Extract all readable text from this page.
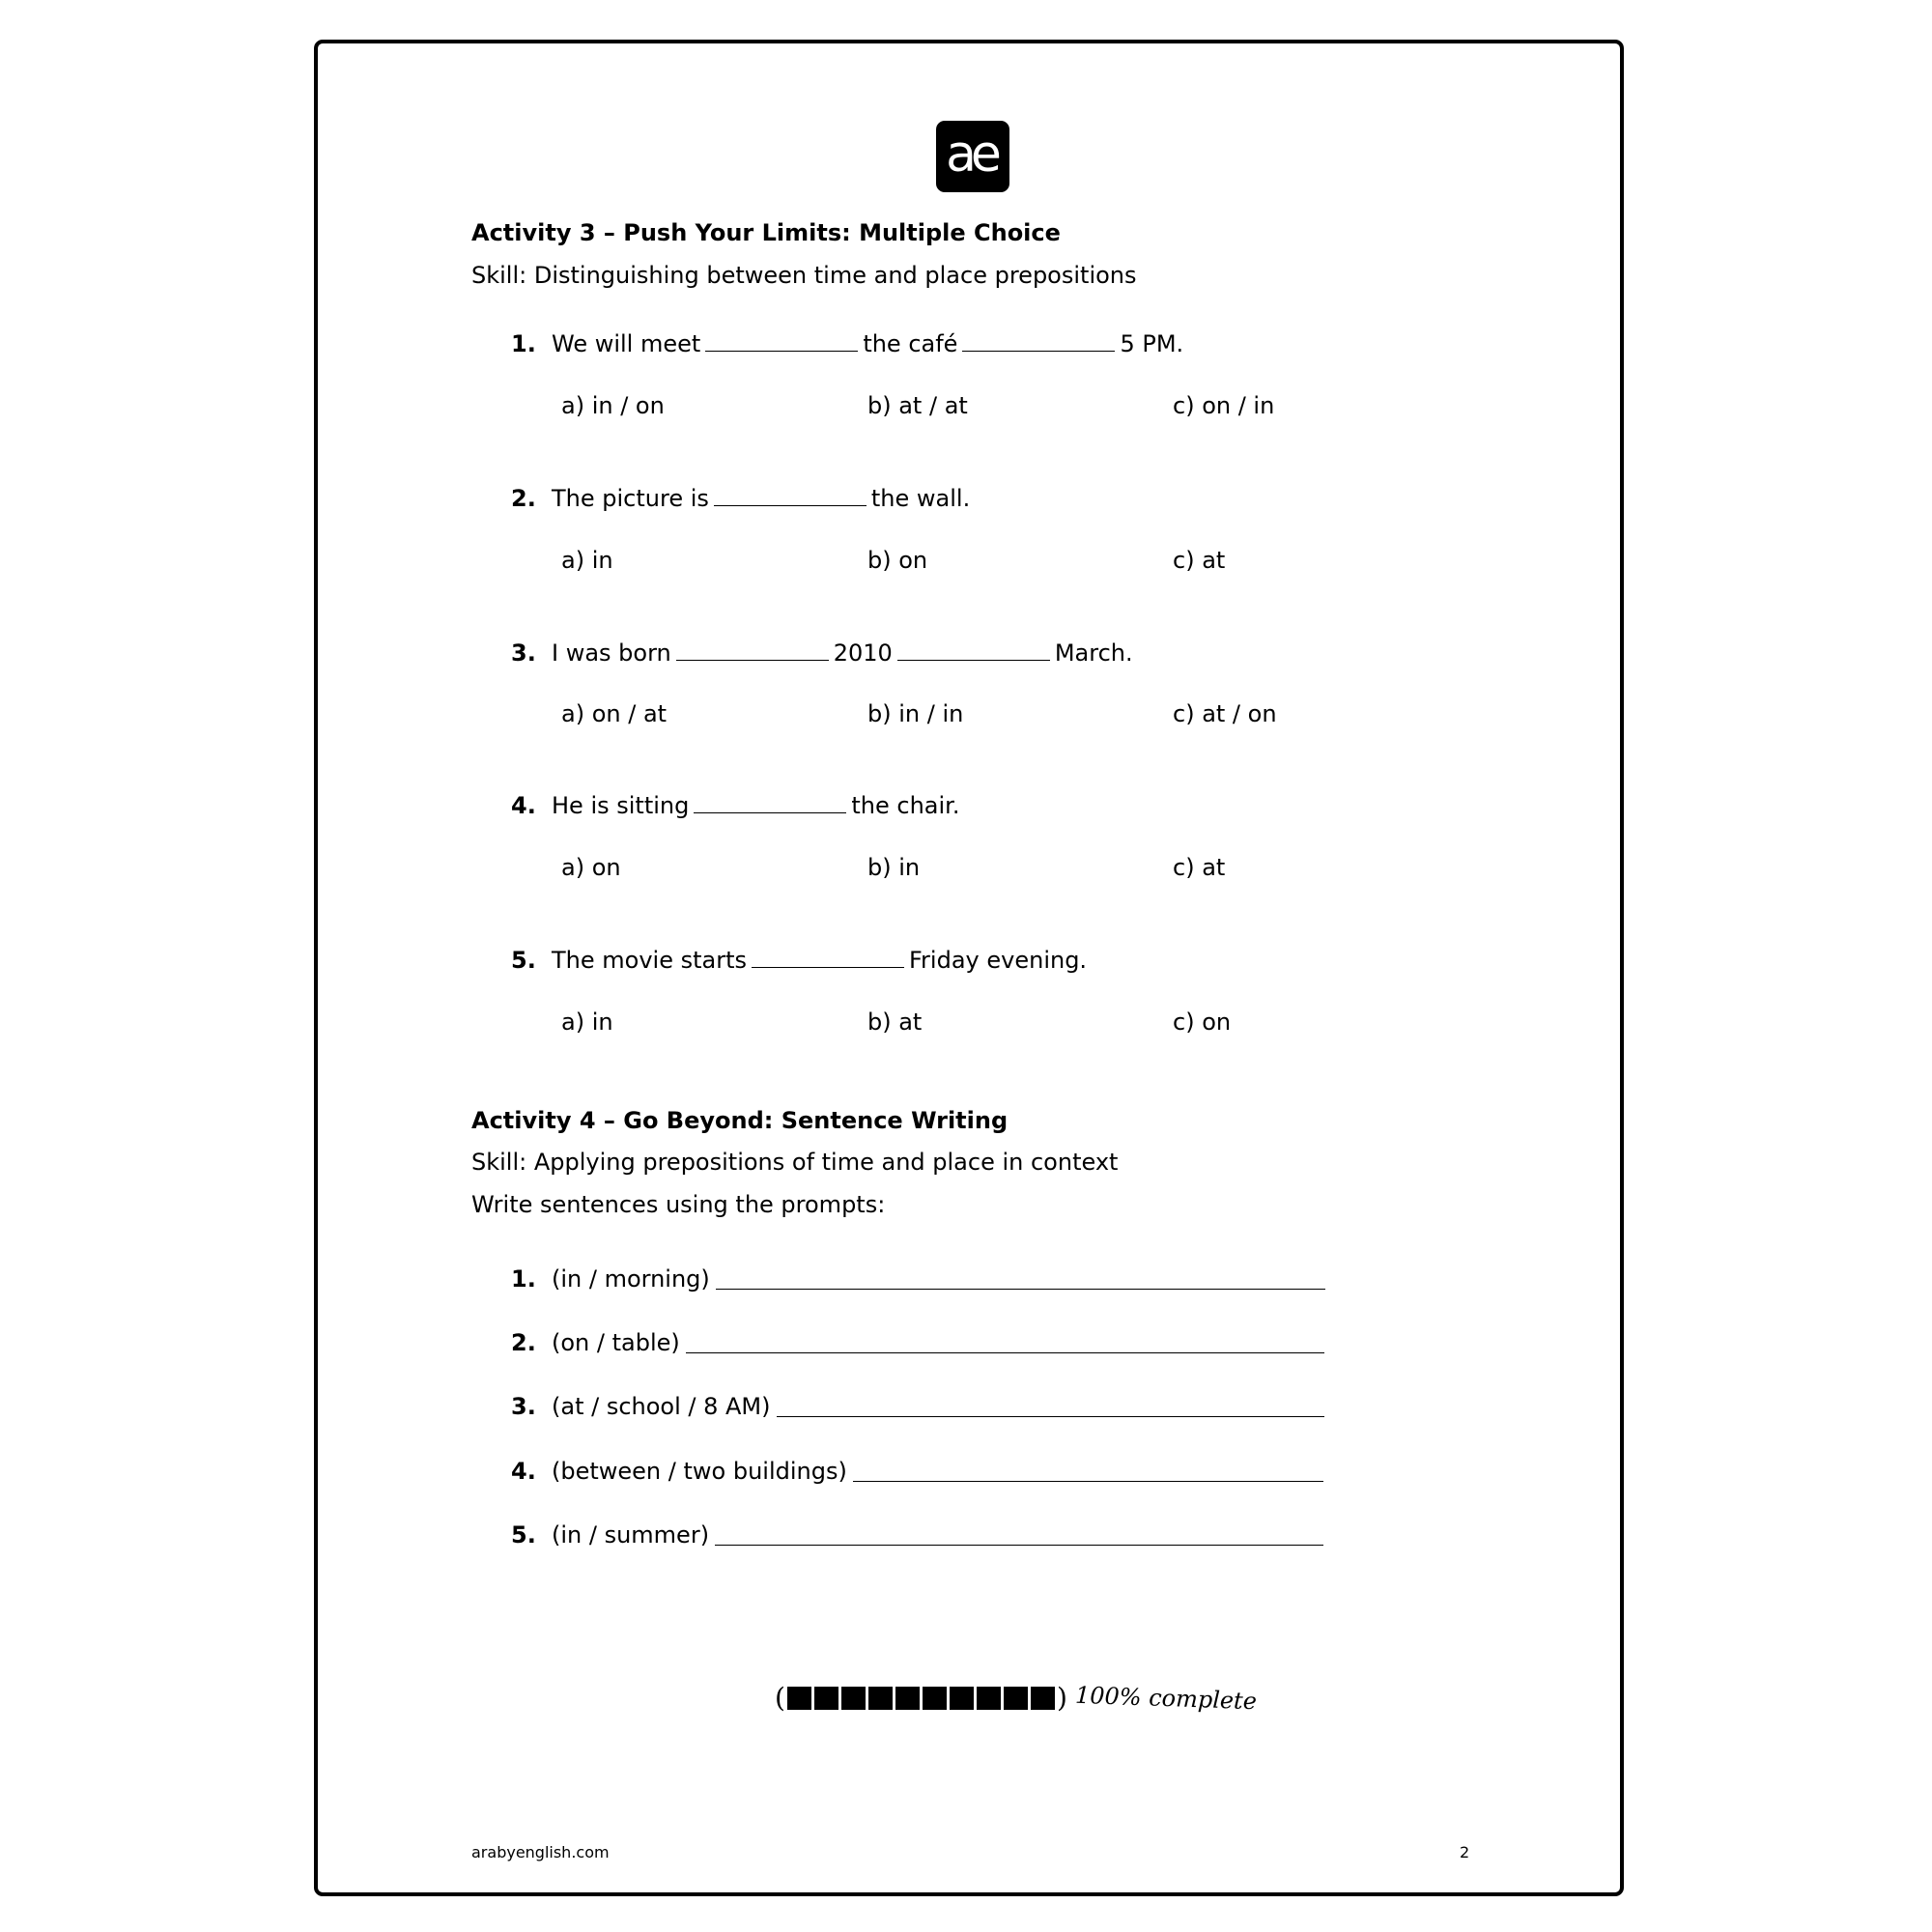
ae
Activity 3 – Push Your Limits: Multiple Choice
Skill: Distinguishing between time and place prepositions
1. We will meet	the café	5 PM.
a) in / on	b) at / at	c) on / in
2. The picture is	the wall.
a) in	b) on	c) at
3. I was born	2010	March.
a) on / at	b) in / in	c) at / on
4. He is sitting	the chair.
a) on	b) in	c) at
5. The movie starts	Friday evening.
a) in	b) at	c) on
Activity 4 – Go Beyond: Sentence Writing
Skill: Applying prepositions of time and place in context
Write sentences using the prompts:
1. (in / morning)
2. (on / table)
3. (at / school / 8 AM)
4. (between / two buildings)
5. (in / summer)
(	) 100% complete
arabyenglish.com	2
